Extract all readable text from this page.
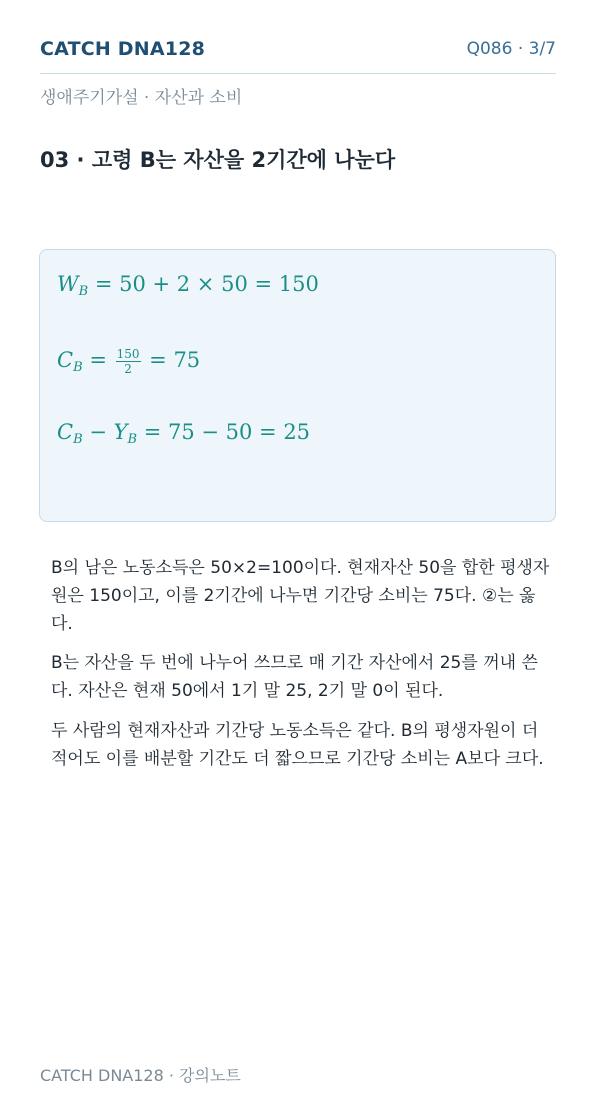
CATCH DNA128	Q086 · 3/7
생애주기가설 · 자산과 소비
03 · 고령 B는 자산을 2기간에 나눈다
$W_B = 50 + 2 \times 50 = 150$
$C_B = \frac{150}{2} = 75$
$C_B - Y_B = 75 - 50 = 25$

B의 남은 노동소득은 50×2=100이다. 현재자산 50을 합한 평생자원은 150이고, 이를 2기간에 나누면 기간당 소비는 75다. ②는 옳다.

B는 자산을 두 번에 나누어 쓰므로 매 기간 자산에서 25를 꺼내 쓴다. 자산은 현재 50에서 1기 말 25, 2기 말 0이 된다.

두 사람의 현재자산과 기간당 노동소득은 같다. B의 평생자원이 더 적어도 이를 배분할 기간도 더 짧으므로 기간당 소비는 A보다 크다.

CATCH DNA128 · 강의노트
